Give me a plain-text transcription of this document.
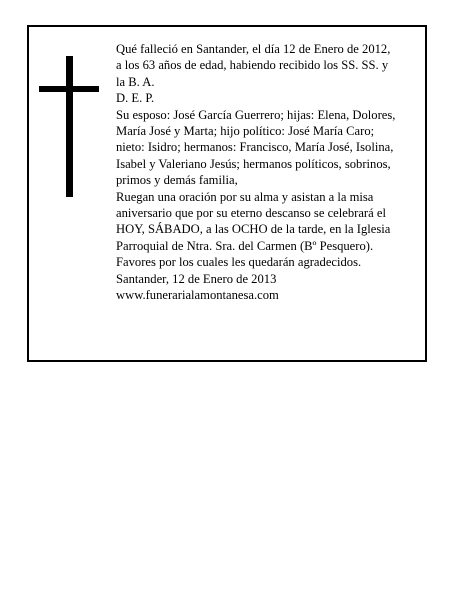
Qué falleció en Santander, el día 12 de Enero de 2012,
a los 63 años de edad, habiendo recibido los SS. SS. y
la B. A.
D. E. P.
Su esposo: José García Guerrero; hijas: Elena, Dolores,
María José y Marta; hijo político: José María Caro;
nieto: Isidro; hermanos: Francisco, María José, Isolina,
Isabel y Valeriano Jesús; hermanos políticos, sobrinos,
primos y demás familia,
Ruegan una oración por su alma y asistan a la misa
aniversario que por su eterno descanso se celebrará el
HOY, SÁBADO, a las OCHO de la tarde, en la Iglesia
Parroquial de Ntra. Sra. del Carmen (Bº Pesquero).
Favores por los cuales les quedarán agradecidos.
Santander, 12 de Enero de 2013
www.funerarialamontanesa.com
